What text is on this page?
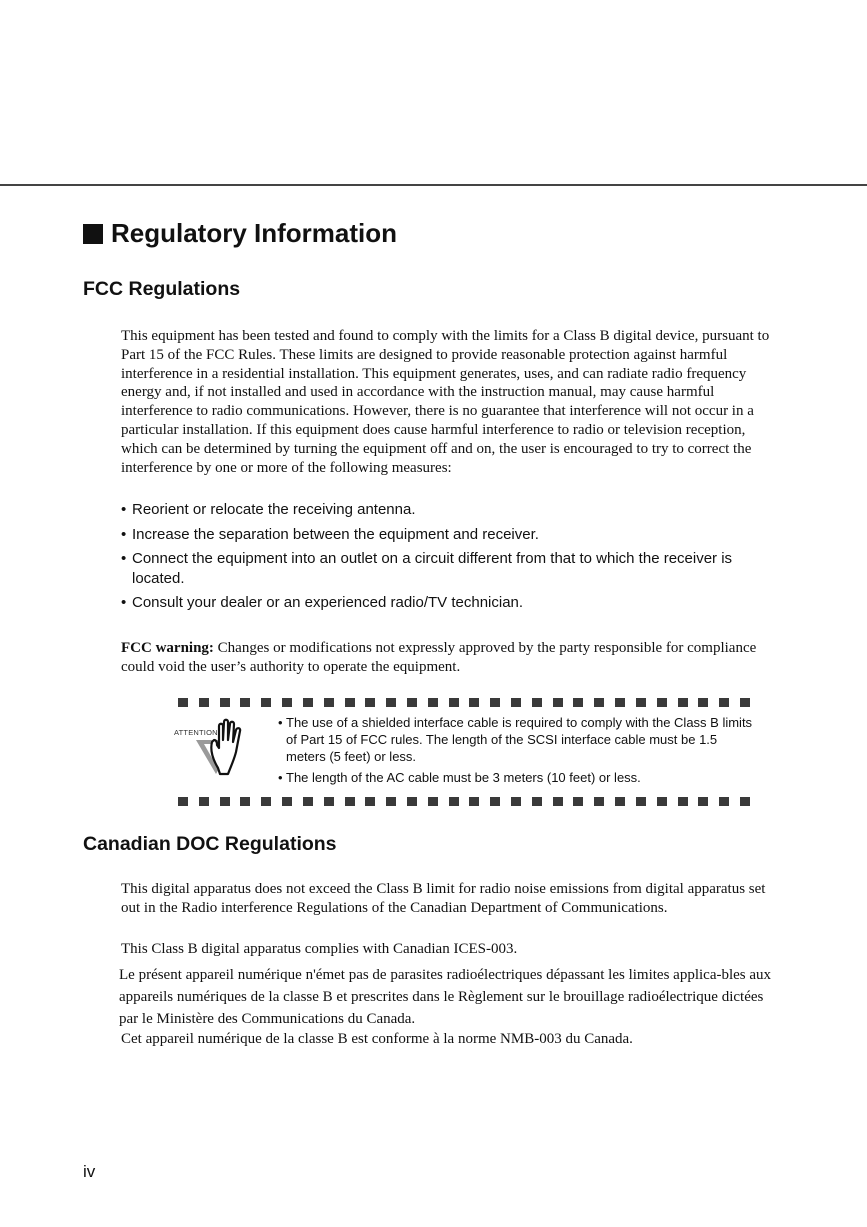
Regulatory Information
FCC Regulations

This equipment has been tested and found to comply with the limits for a Class B digital device, pursuant to Part 15 of the FCC Rules. These limits are designed to provide reasonable protection against harmful interference in a residential installation. This equipment generates, uses, and can radiate radio frequency energy and, if not installed and used in accordance with the instruction manual, may cause harmful interference to radio communications. However, there is no guarantee that interference will not occur in a particular installation. If this equipment does cause harmful interference to radio or television reception, which can be determined by turning the equipment off and on, the user is encouraged to try to correct the interference by one or more of the following measures:

• Reorient or relocate the receiving antenna.
• Increase the separation between the equipment and receiver.
• Connect the equipment into an outlet on a circuit different from that to which the receiver is located.
• Consult your dealer or an experienced radio/TV technician.

FCC warning: Changes or modifications not expressly approved by the party responsible for compliance could void the user’s authority to operate the equipment.

ATTENTION
• The use of a shielded interface cable is required to comply with the Class B limits of Part 15 of FCC rules. The length of the SCSI interface cable must be 1.5 meters (5 feet) or less.
• The length of the AC cable must be 3 meters (10 feet) or less.
Canadian DOC Regulations

This digital apparatus does not exceed the Class B limit for radio noise emissions from digital apparatus set out in the Radio interference Regulations of the Canadian Department of Communications.

This Class B digital apparatus complies with Canadian ICES-003.

Le présent appareil numérique n'émet pas de parasites radioélectriques dépassant les limites applica-bles aux appareils numériques de la classe B et prescrites dans le Règlement sur le brouillage radioélectrique dictées par le Ministère des Communications du Canada.

Cet appareil numérique de la classe B est conforme à la norme NMB-003 du Canada.

iv
